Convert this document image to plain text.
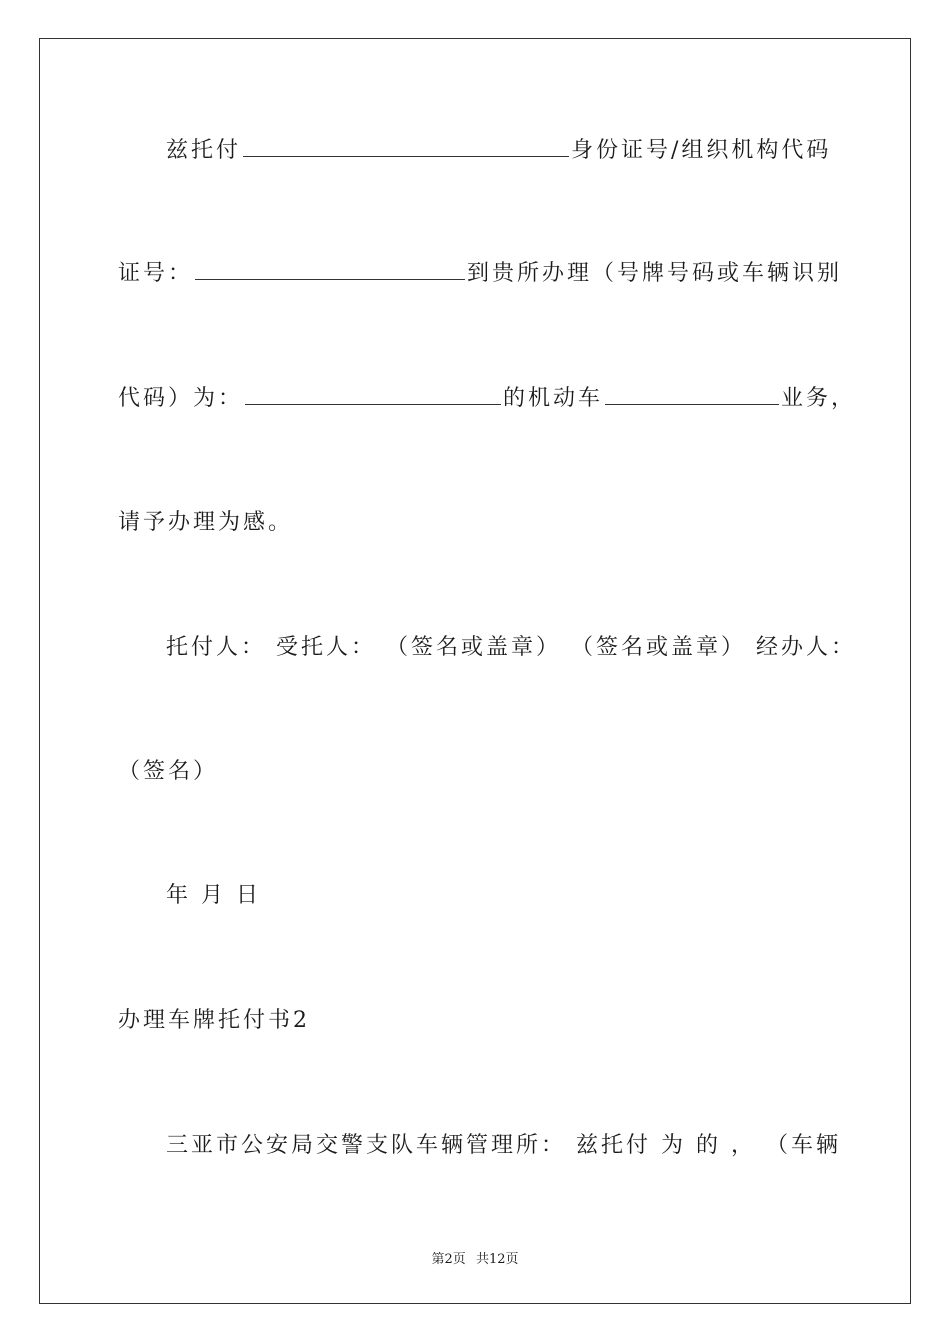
兹托付	身份证号/组织机构代码
证号：	到贵所办理（号牌号码或车辆识别
代码）为：	的机动车	业务，
请予办理为感。
托付人： 受托人： （签名或盖章） （签名或盖章） 经办人：
（签名）
年 月 日
办理车牌托付书2
三亚市公安局交警支队车辆管理所： 兹托付 为 的 ， （车辆
第2页 共12页
